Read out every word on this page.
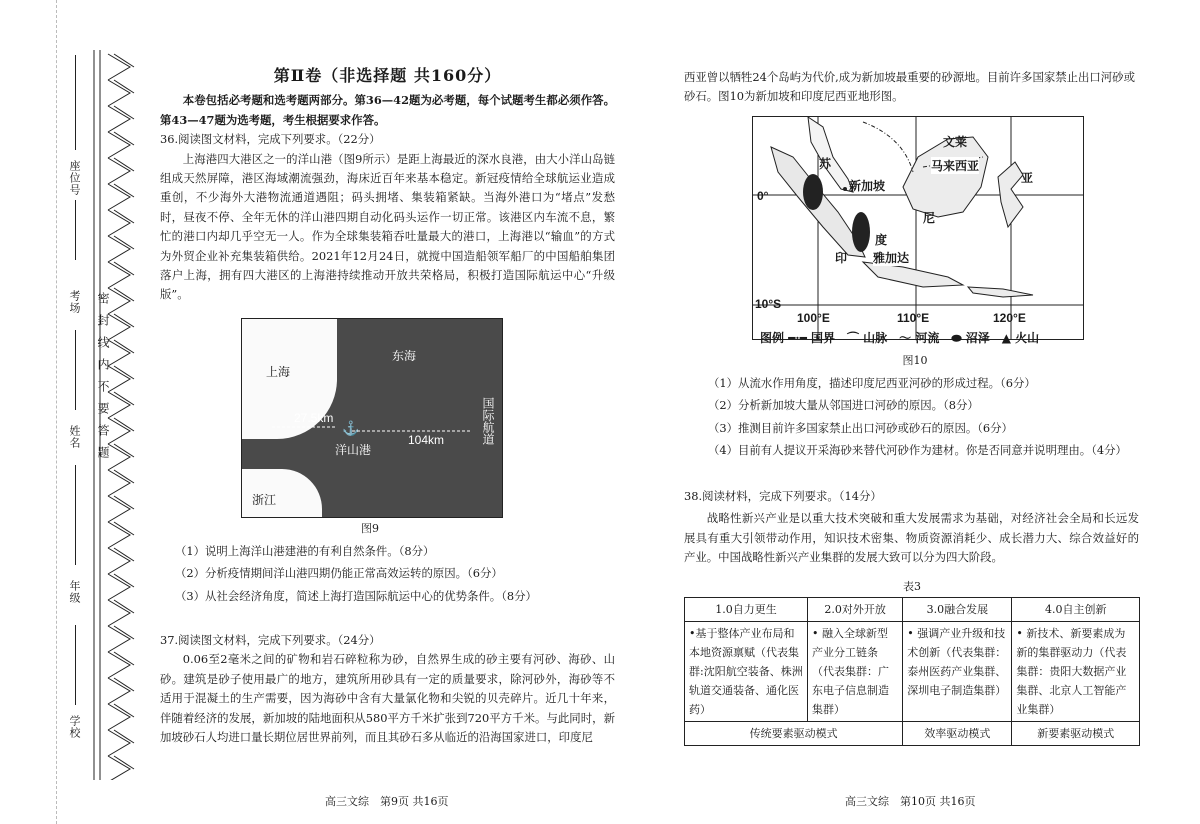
座位号
考场
姓名
年级
学校
密封线内不要答题
第Ⅱ卷（非选择题 共160分）

本卷包括必考题和选考题两部分。第36—42题为必考题，每个试题考生都必须作答。第43—47题为选考题，考生根据要求作答。

36.阅读图文材料，完成下列要求。（22分）

上海港四大港区之一的洋山港（图9所示）是距上海最近的深水良港，由大小洋山岛链组成天然屏障，港区海域潮流强劲，海床近百年来基本稳定。新冠疫情给全球航运业造成重创，不少海外大港物流通道遇阻；码头拥堵、集装箱紧缺。当海外港口为“堵点”发愁时，昼夜不停、全年无休的洋山港四期自动化码头运作一切正常。该港区内车流不息，繁忙的港口内却几乎空无一人。作为全球集装箱吞吐量最大的港口，上海港以“输血”的方式为外贸企业补充集装箱供给。2021年12月24日，就搅中国造船领军船厂的中国船舶集团落户上海，拥有四大港区的上海港持续推动开放共荣格局，积极打造国际航运中心“升级版”。

上海
东海
27.5km
⚓
洋山港
104km	国际航道
浙江
图9

（1）说明上海洋山港建港的有利自然条件。（8分）

（2）分析疫情期间洋山港四期仍能正常高效运转的原因。（6分）

（3）从社会经济角度，简述上海打造国际航运中心的优势条件。（8分）

37.阅读图文材料，完成下列要求。（24分）

0.06至2毫米之间的矿物和岩石碎粒称为砂，自然界生成的砂主要有河砂、海砂、山砂。建筑是砂子使用最广的地方，建筑所用砂具有一定的质量要求，除河砂外，海砂等不适用于混凝土的生产需要，因为海砂中含有大量氯化物和尖锐的贝壳碎片。近几十年来，伴随着经济的发展，新加坡的陆地面积从580平方千米扩张到720平方千米。与此同时，新加坡砂石人均进口量长期位居世界前列，而且其砂石多从临近的沿海国家进口，印度尼

高三文综　第9页 共16页

西亚曾以牺牲24个岛屿为代价,成为新加坡最重要的砂源地。目前许多国家禁止出口河砂或砂石。图10为新加坡和印度尼西亚地形图。

苏
新加坡
文莱
马来西亚
亚
尼
度
印 雅加达
0°
10°S
100°E	110°E	120°E
图例 ━·━ 国界　⌒ 山脉　〜 河流　⬬ 沼泽　▲ 火山
图10

（1）从流水作用角度，描述印度尼西亚河砂的形成过程。（6分）

（2）分析新加坡大量从邻国进口河砂的原因。（8分）

（3）推测目前许多国家禁止出口河砂或砂石的原因。（6分）

（4）目前有人提议开采海砂来替代河砂作为建材。你是否同意并说明理由。（4分）

38.阅读材料，完成下列要求。（14分）

战略性新兴产业是以重大技术突破和重大发展需求为基础，对经济社会全局和长远发展具有重大引领带动作用，知识技术密集、物质资源消耗少、成长潜力大、综合效益好的产业。中国战略性新兴产业集群的发展大致可以分为四大阶段。

表3
1.0自力更生	2.0对外开放	3.0融合发展	4.0自主创新
•基于整体产业布局和本地资源禀赋（代表集群:沈阳航空装备、株洲轨道交通装备、通化医药）	• 融入全球新型产业分工链条（代表集群：广东电子信息制造集群）	• 强调产业升级和技术创新（代表集群：泰州医药产业集群、深圳电子制造集群）	• 新技术、新要素成为新的集群驱动力（代表集群：贵阳大数据产业集群、北京人工智能产业集群）
传统要素驱动模式		效率驱动模式	新要素驱动模式
高三文综　第10页 共16页
